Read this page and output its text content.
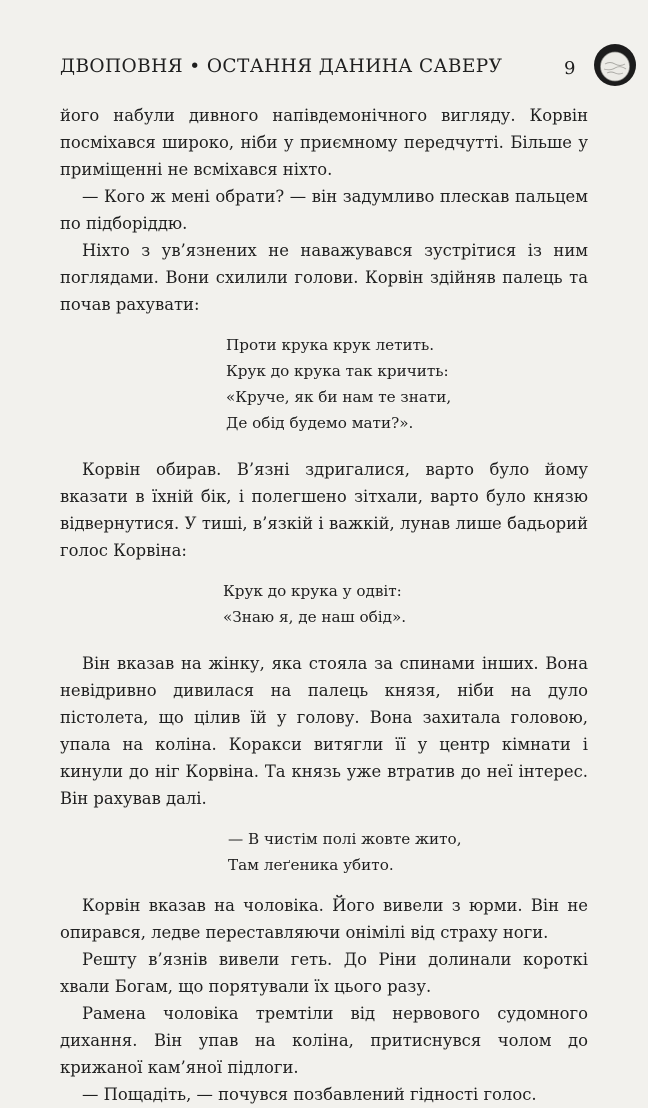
ДВОПОВНЯ • ОСТАННЯ ДАНИНА САВЕРУ	9

його набули дивного напівдемонічного вигляду. Корвін посміхався широко, ніби у приємному передчутті. Більше у приміщенні не всміхався ніхто.

— Кого ж мені обрати? — він задумливо плескав пальцем по підборіддю.

Ніхто з ув’язнених не наважувався зустрітися із ним поглядами. Вони схилили голови. Корвін здійняв палець та почав рахувати:

Проти крука крук летить.

Крук до крука так кричить:

«Круче, як би нам те знати,

Де обід будемо мати?».

Корвін обирав. В’язні здригалися, варто було йому вказати в їхній бік, і полегшено зітхали, варто було князю відвернутися. У тиші, в’язкій і важкій, лунав лише бадьорий голос Корвіна:

Крук до крука у одвіт:

«Знаю я, де наш обід».

Він вказав на жінку, яка стояла за спинами інших. Вона невідривно дивилася на палець князя, ніби на дуло пістолета, що цілив їй у голову. Вона захитала головою, упала на коліна. Коракси витягли її у центр кімнати і кинули до ніг Корвіна. Та князь уже втратив до неї інтерес. Він рахував далі.

— В чистім полі жовте жито,

Там леґеника убито.

Корвін вказав на чоловіка. Його вивели з юрми. Він не опирався, ледве переставляючи онімілі від страху ноги.

Решту в’язнів вивели геть. До Ріни долинали короткі хвали Богам, що порятували їх цього разу.

Рамена чоловіка тремтіли від нервового судомного дихання. Він упав на коліна, притиснувся чолом до крижаної кам’яної підлоги.

— Пощадіть, — почувся позбавлений гідності голос.
